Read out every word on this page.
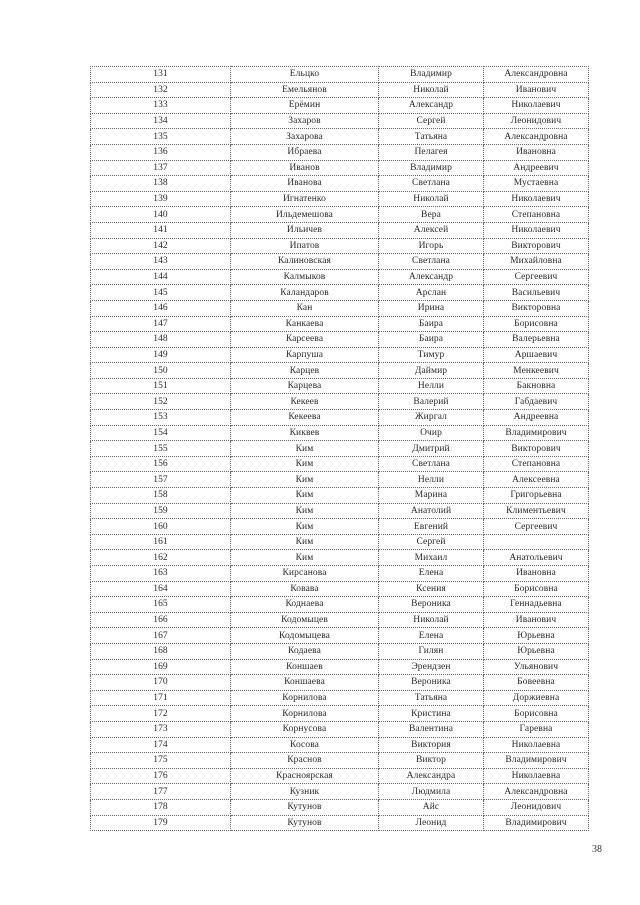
131	Ельцко	Владимир	Александровна
132	Емельянов	Николай	Иванович
133	Ерёмин	Александр	Николаевич
134	Захаров	Сергей	Леонидович
135	Захарова	Татьяна	Александровна
136	Ибраева	Пелагея	Ивановна
137	Иванов	Владимир	Андреевич
138	Иванова	Светлана	Мустаевна
139	Игнатенко	Николай	Николаевич
140	Ильдемешова	Вера	Степановна
141	Ильичев	Алексей	Николаевич
142	Ипатов	Игорь	Викторович
143	Калиновская	Светлана	Михайловна
144	Калмыков	Александр	Сергеевич
145	Каландаров	Арслан	Васильевич
146	Кан	Ирина	Викторовна
147	Канкаева	Баира	Борисовна
148	Карсеева	Баира	Валерьевна
149	Карпуша	Тимур	Аршаевич
150	Карцев	Даймир	Менкеевич
151	Карцева	Нелли	Бакновна
152	Кекеев	Валерий	Габдаевич
153	Кекеева	Жиргал	Андреевна
154	Киквев	Очир	Владимирович
155	Ким	Дмитрий	Викторович
156	Ким	Светлана	Степановна
157	Ким	Нелли	Алексеевна
158	Ким	Марина	Григорьевна
159	Ким	Анатолий	Климентьевич
160	Ким	Евгений	Сергеевич
161	Ким	Сергей	
162	Ким	Михаил	Анатольевич
163	Кирсанова	Елена	Ивановна
164	Ковава	Ксения	Борисовна
165	Коднаева	Вероника	Геннадьевна
166	Кодомыцев	Николай	Иванович
167	Кодомыцева	Елена	Юрьевна
168	Кодаева	Гилян	Юрьевна
169	Коншаев	Эрендзен	Ульянович
170	Коншаева	Вероника	Бовеевна
171	Корнилова	Татьяна	Доржиевна
172	Корнилова	Кристина	Борисовна
173	Корнусова	Валентина	Гаревна
174	Косова	Виктория	Николаевна
175	Краснов	Виктор	Владимирович
176	Красноярская	Александра	Николаевна
177	Кузник	Людмила	Александровна
178	Кутунов	Айс	Леонидович
179	Кутунов	Леонид	Владимирович
38
